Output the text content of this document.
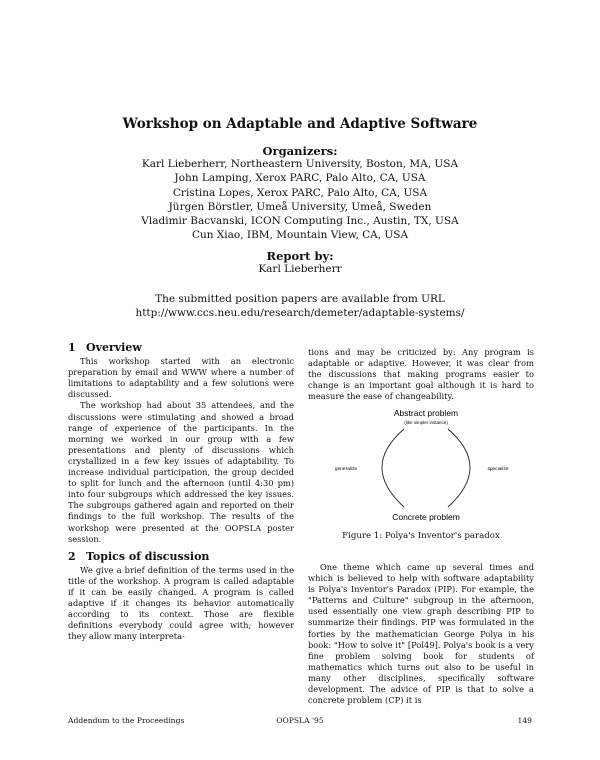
Workshop on Adaptable and Adaptive Software
Organizers:
Karl Lieberherr, Northeastern University, Boston, MA, USA
John Lamping, Xerox PARC, Palo Alto, CA, USA
Cristina Lopes, Xerox PARC, Palo Alto, CA, USA
Jürgen Börstler, Umeå University, Umeå, Sweden
Vladimir Bacvanski, ICON Computing Inc., Austin, TX, USA
Cun Xiao, IBM, Mountain View, CA, USA
Report by:
Karl Lieberherr
The submitted position papers are available from URL
http://www.ccs.neu.edu/research/demeter/adaptable-systems/
1 Overview

This workshop started with an electronic preparation by email and WWW where a number of limitations to adaptability and a few solutions were discussed.

The workshop had about 35 attendees, and the discussions were stimulating and showed a broad range of experience of the participants. In the morning we worked in our group with a few presentations and plenty of discussions which crystallized in a few key issues of adaptability. To increase individual participation, the group decided to split for lunch and the afternoon (until 4:30 pm) into four subgroups which addressed the key issues. The subgroups gathered again and reported on their findings to the full workshop. The results of the workshop were presented at the OOPSLA poster session.

2 Topics of discussion

We give a brief definition of the terms used in the title of the workshop. A program is called adaptable if it can be easily changed. A program is called adaptive if it changes its behavior automatically according to its context. Those are flexible definitions everybody could agree with; however they allow many interpreta-

tions and may be criticized by: Any program is adaptable or adaptive. However, it was clear from the discussions that making programs easier to change is an important goal although it is hard to measure the ease of changeability.

Abstract problem
(like simpler instance)
generalize	specialize
Concrete problem
Figure 1: Polya's Inventor's paradox

One theme which came up several times and which is believed to help with software adaptability is Polya's Inventor's Paradox (PIP). For example, the "Patterns and Culture" subgroup in the afternoon, used essentially one view graph describing PIP to summarize their findings. PIP was formulated in the forties by the mathematician George Polya in his book: "How to solve it" [Pol49]. Polya's book is a very fine problem solving book for students of mathematics which turns out also to be useful in many other disciplines, specifically software development. The advice of PIP is that to solve a concrete problem (CP) it is

Addendum to the Proceedings	OOPSLA '95	149
